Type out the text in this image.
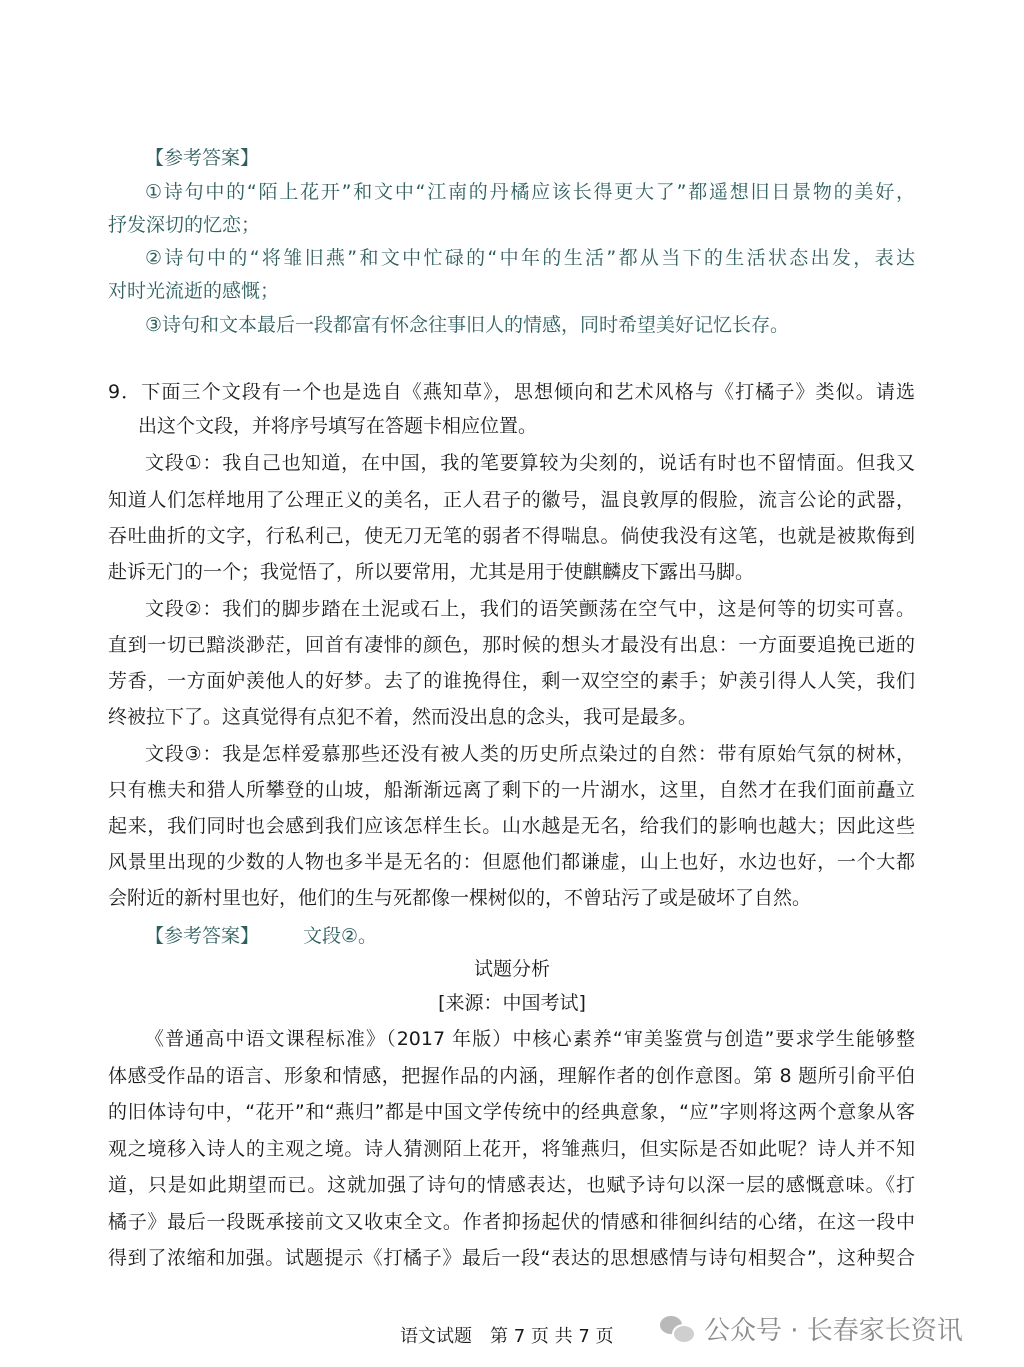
【参考答案】
①诗句中的“陌上花开”和文中“江南的丹橘应该长得更大了”都遥想旧日景物的美好，
抒发深切的忆恋；
②诗句中的“将雏旧燕”和文中忙碌的“中年的生活”都从当下的生活状态出发，表达
对时光流逝的感慨；
③诗句和文本最后一段都富有怀念往事旧人的情感，同时希望美好记忆长存。
9．下面三个文段有一个也是选自《燕知草》，思想倾向和艺术风格与《打橘子》类似。请选
出这个文段，并将序号填写在答题卡相应位置。
文段①：我自己也知道，在中国，我的笔要算较为尖刻的，说话有时也不留情面。但我又
知道人们怎样地用了公理正义的美名，正人君子的徽号，温良敦厚的假脸，流言公论的武器，
吞吐曲折的文字，行私利己，使无刀无笔的弱者不得喘息。倘使我没有这笔，也就是被欺侮到
赴诉无门的一个；我觉悟了，所以要常用，尤其是用于使麒麟皮下露出马脚。
文段②：我们的脚步踏在土泥或石上，我们的语笑颤荡在空气中，这是何等的切实可喜。
直到一切已黯淡渺茫，回首有凄悱的颜色，那时候的想头才最没有出息：一方面要追挽已逝的
芳香，一方面妒羡他人的好梦。去了的谁挽得住，剩一双空空的素手；妒羡引得人人笑，我们
终被拉下了。这真觉得有点犯不着，然而没出息的念头，我可是最多。
文段③：我是怎样爱慕那些还没有被人类的历史所点染过的自然：带有原始气氛的树林，
只有樵夫和猎人所攀登的山坡，船渐渐远离了剩下的一片湖水，这里，自然才在我们面前矗立
起来，我们同时也会感到我们应该怎样生长。山水越是无名，给我们的影响也越大；因此这些
风景里出现的少数的人物也多半是无名的：但愿他们都谦虚，山上也好，水边也好，一个大都
会附近的新村里也好，他们的生与死都像一棵树似的，不曾玷污了或是破坏了自然。
【参考答案】 文段②。
试题分析
[来源：中国考试]
《普通高中语文课程标准》（2017 年版）中核心素养“审美鉴赏与创造”要求学生能够整
体感受作品的语言、形象和情感，把握作品的内涵，理解作者的创作意图。第 8 题所引俞平伯
的旧体诗句中，“花开”和“燕归”都是中国文学传统中的经典意象，“应”字则将这两个意象从客
观之境移入诗人的主观之境。诗人猜测陌上花开，将雏燕归，但实际是否如此呢？诗人并不知
道，只是如此期望而已。这就加强了诗句的情感表达，也赋予诗句以深一层的感慨意味。《打
橘子》最后一段既承接前文又收束全文。作者抑扬起伏的情感和徘徊纠结的心绪，在这一段中
得到了浓缩和加强。试题提示《打橘子》最后一段“表达的思想感情与诗句相契合”，这种契合
语文试题　第 7 页 共 7 页	公众号 · 长春家长资讯
